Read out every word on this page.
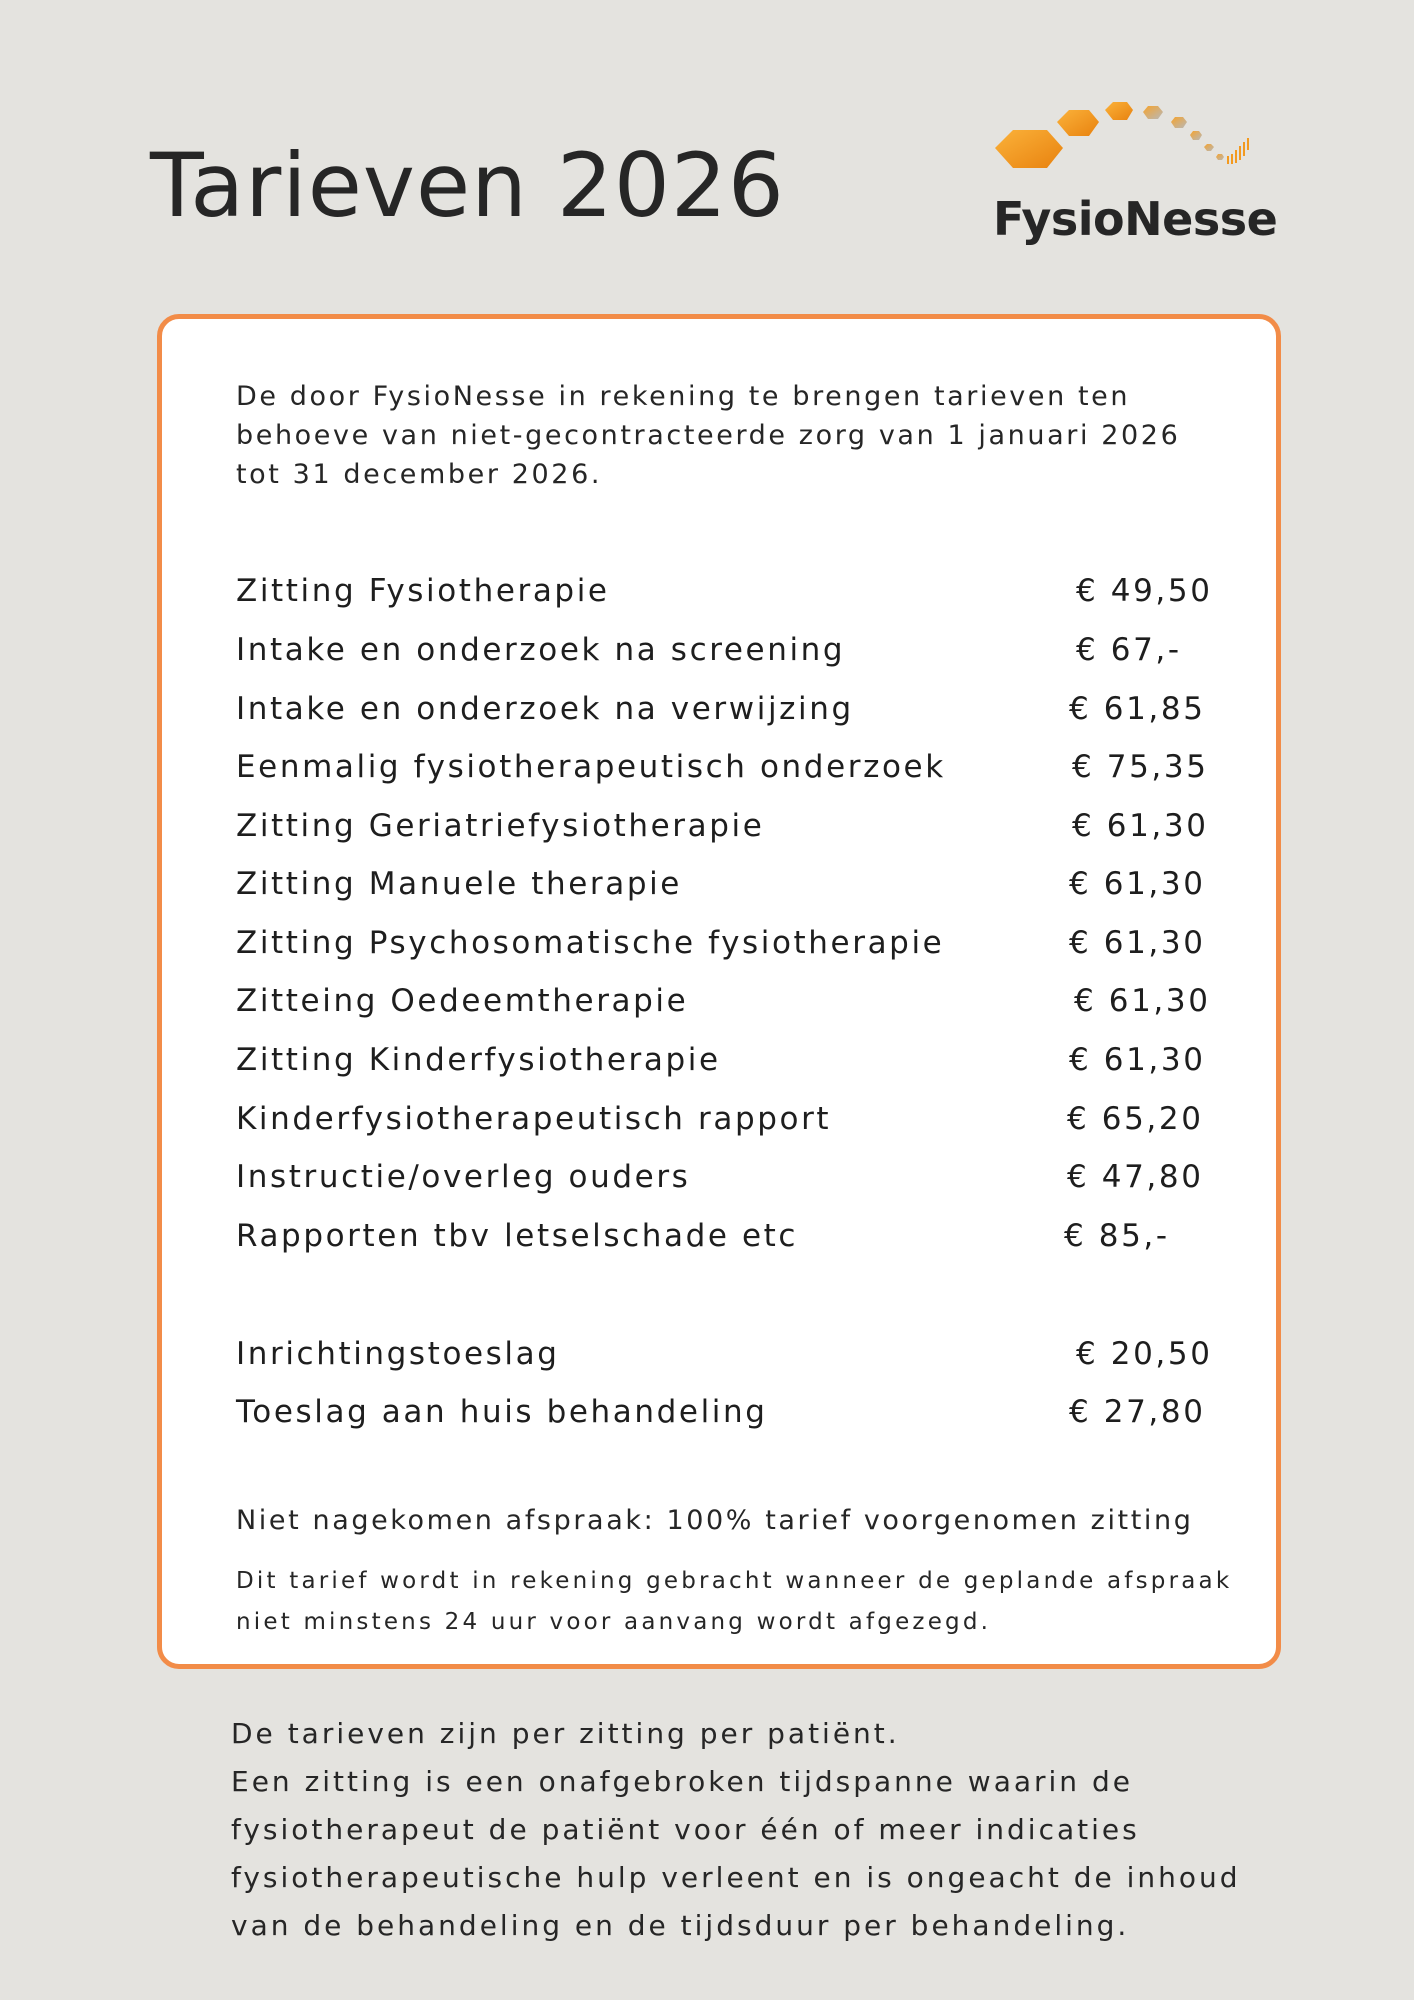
Tarieven 2026	FysioNesse

De door FysioNesse in rekening te brengen tarieven ten behoeve van niet-gecontracteerde zorg van 1 januari 2026 tot 31 december 2026.

Zitting Fysiotherapie	€ 49,50
Intake en onderzoek na screening	€ 67,-
Intake en onderzoek na verwijzing	€ 61,85
Eenmalig fysiotherapeutisch onderzoek	€ 75,35
Zitting Geriatriefysiotherapie	€ 61,30
Zitting Manuele therapie	€ 61,30
Zitting Psychosomatische fysiotherapie	€ 61,30
Zitteing Oedeemtherapie	€ 61,30
Zitting Kinderfysiotherapie	€ 61,30
Kinderfysiotherapeutisch rapport	€ 65,20
Instructie/overleg ouders	€ 47,80
Rapporten tbv letselschade etc	€ 85,-
Inrichtingstoeslag	€ 20,50
Toeslag aan huis behandeling	€ 27,80
Niet nagekomen afspraak: 100% tarief voorgenomen zitting

Dit tarief wordt in rekening gebracht wanneer de geplande afspraak niet minstens 24 uur voor aanvang wordt afgezegd.

De tarieven zijn per zitting per patiënt.

Een zitting is een onafgebroken tijdspanne waarin de fysiotherapeut de patiënt voor één of meer indicaties fysiotherapeutische hulp verleent en is ongeacht de inhoud van de behandeling en de tijdsduur per behandeling.
